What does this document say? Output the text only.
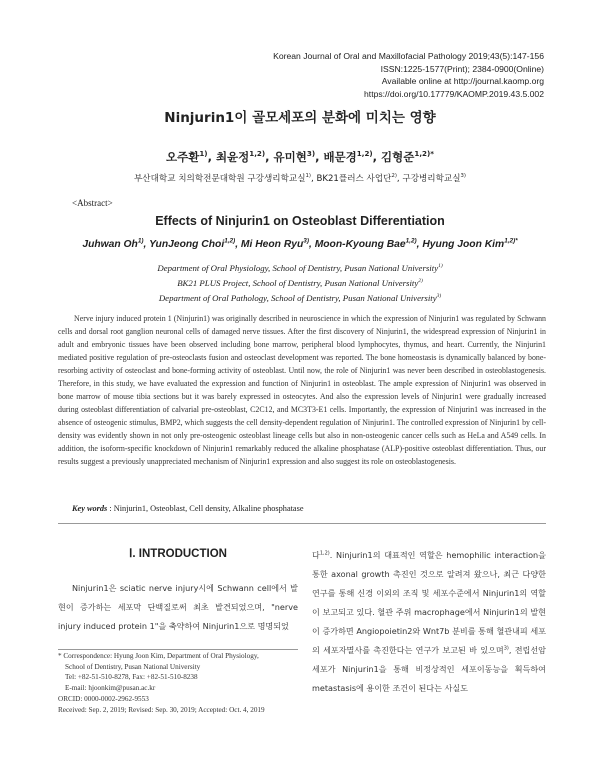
Korean Journal of Oral and Maxillofacial Pathology 2019;43(5):147-156
ISSN:1225-1577(Print); 2384-0900(Online)
Available online at http://journal.kaomp.org
https://doi.org/10.17779/KAOMP.2019.43.5.002
Ninjurin1이 골모세포의 분화에 미치는 영향
오주환$^{1)}$, 최윤정$^{1,2)}$, 유미현$^{3)}$, 배문경$^{1,2)}$, 김형준$^{1,2)*}$
부산대학교 치의학전문대학원 구강생리학교실$^{1)}$, BK21플러스 사업단$^{2)}$, 구강병리학교실$^{3)}$
<Abstract>
Effects of Ninjurin1 on Osteoblast Differentiation
Juhwan Oh$^{1)}$, YunJeong Choi$^{1,2)}$, Mi Heon Ryu$^{3)}$, Moon-Kyoung Bae$^{1,2)}$, Hyung Joon Kim$^{1,2)*}$
Department of Oral Physiology, School of Dentistry, Pusan National University$^{1)}$
BK21 PLUS Project, School of Dentistry, Pusan National University$^{2)}$
Department of Oral Pathology, School of Dentistry, Pusan National University$^{3)}$

Nerve injury induced protein 1 (Ninjurin1) was originally described in neuroscience in which the expression of Ninjurin1 was regulated by Schwann cells and dorsal root ganglion neuronal cells of damaged nerve tissues. After the first discovery of Ninjurin1, the widespread expression of Ninjurin1 in adult and embryonic tissues have been observed including bone marrow, peripheral blood lymphocytes, thymus, and heart. Currently, the Ninjurin1 mediated positive regulation of pre-osteoclasts fusion and osteoclast development was reported. The bone homeostasis is dynamically balanced by bone-resorbing activity of osteoclast and bone-forming activity of osteoblast. Until now, the role of Ninjurin1 was never been described in osteoblastogenesis. Therefore, in this study, we have evaluated the expression and function of Ninjurin1 in osteoblast. The ample expression of Ninjurin1 was observed in bone marrow of mouse tibia sections but it was barely expressed in osteocytes. And also the expression levels of Ninjurin1 were gradually increased during osteoblast differentiation of calvarial pre-osteoblast, C2C12, and MC3T3-E1 cells. Importantly, the expression of Ninjurin1 was increased in the absence of osteogenic stimulus, BMP2, which suggests the cell density-dependent regulation of Ninjurin1. The controlled expression of Ninjurin1 by cell-density was evidently shown in not only pre-osteogenic osteoblast lineage cells but also in non-osteogenic cancer cells such as HeLa and A549 cells. In addition, the isoform-specific knockdown of Ninjurin1 remarkably reduced the alkaline phosphatase (ALP)-positive osteoblast differentiation. Thus, our results suggest a previously unappreciated mechanism of Ninjurin1 expression and also suggest its role on osteoblastogenesis.

Key words : Ninjurin1, Osteoblast, Cell density, Alkaline phosphatase
Ⅰ. INTRODUCTION

Ninjurin1은 sciatic nerve injury시에 Schwann cell에서 발현이 증가하는 세포막 단백질로써 최초 발견되었으며, "nerve injury induced protein 1"을 축약하여 Ninjurin1으로 명명되었

* Correspondence: Hyung Joon Kim, Department of Oral Physiology,
School of Dentistry, Pusan National University
Tel: +82-51-510-8278, Fax: +82-51-510-8238
E-mail: hjoonkim@pusan.ac.kr
ORCID: 0000-0002-2962-9553
Received: Sep. 2, 2019; Revised: Sep. 30, 2019; Accepted: Oct. 4, 2019

다$^{1,2)}$. Ninjurin1의 대표적인 역할은 hemophilic interaction을 통한 axonal growth 촉진인 것으로 알려져 왔으나, 최근 다양한 연구를 통해 신경 이외의 조직 및 세포수준에서 Ninjurin1의 역할이 보고되고 있다. 혈관 주위 macrophage에서 Ninjurin1의 발현이 증가하면 Angiopoietin2와 Wnt7b 분비를 통해 혈관내피 세포의 세포자멸사를 촉진한다는 연구가 보고된 바 있으며$^{3)}$, 전립선암 세포가 Ninjurin1을 통해 비정상적인 세포이동능을 획득하여 metastasis에 용이한 조건이 된다는 사실도
